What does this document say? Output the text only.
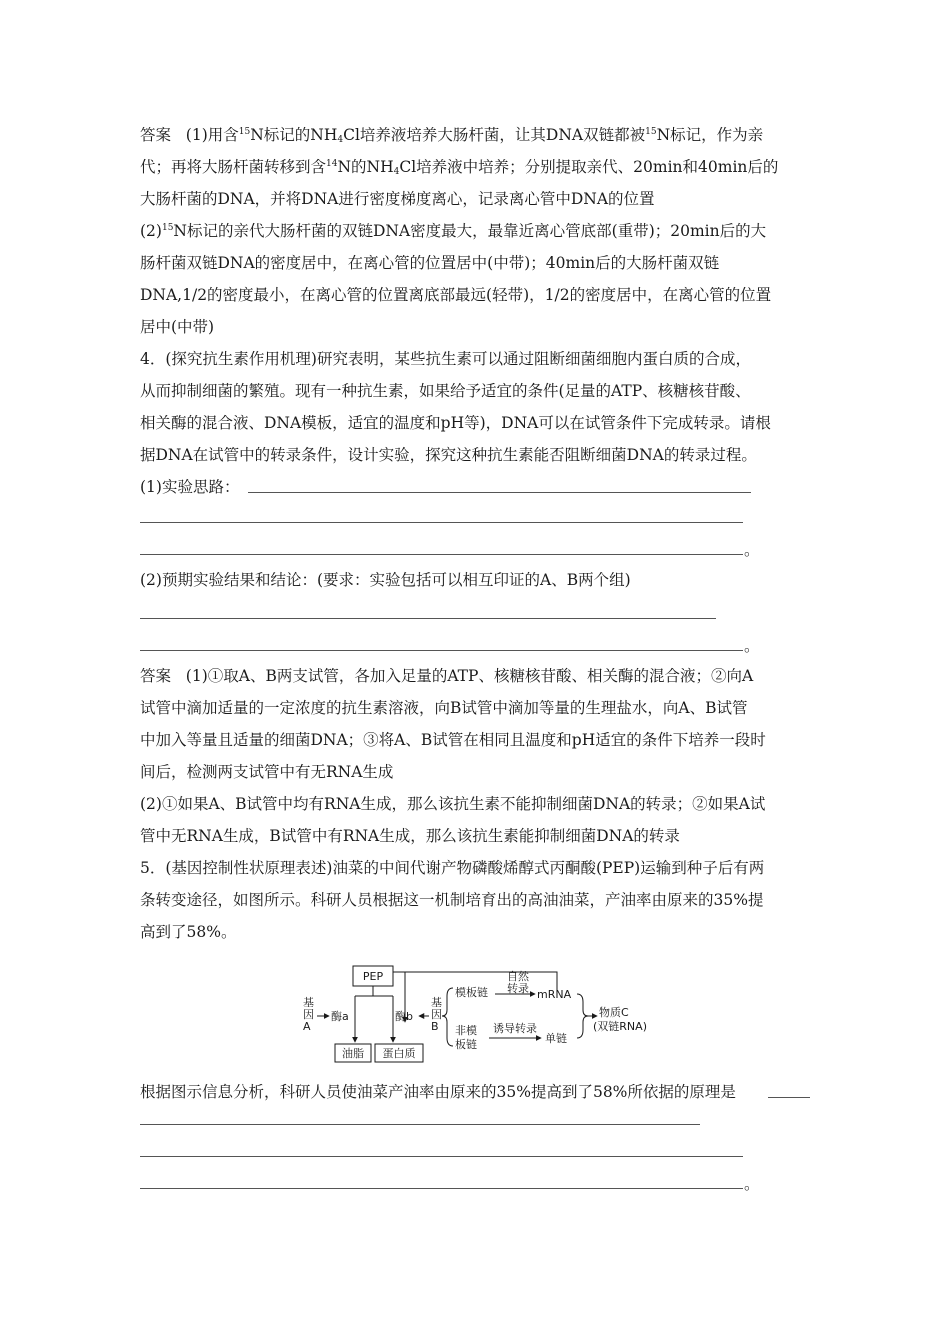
答案 (1)用含$^{15}$N标记的$NH_4Cl$培养液培养大肠杆菌，让其DNA双链都被$^{15}$N标记，作为亲
代；再将大肠杆菌转移到含$^{14}$N的$NH_4Cl$培养液中培养；分别提取亲代、20min和40min后的
大肠杆菌的DNA，并将DNA进行密度梯度离心，记录离心管中DNA的位置
$(2)^{15}N$标记的亲代大肠杆菌的双链DNA密度最大，最靠近离心管底部(重带)；20min后的大
肠杆菌双链DNA的密度居中，在离心管的位置居中(中带)；40min后的大肠杆菌双链
DNA,1/2的密度最小，在离心管的位置离底部最远(轻带)，1/2的密度居中，在离心管的位置
居中(中带)
4．(探究抗生素作用机理)研究表明，某些抗生素可以通过阻断细菌细胞内蛋白质的合成，
从而抑制细菌的繁殖。现有一种抗生素，如果给予适宜的条件(足量的ATP、核糖核苷酸、
相关酶的混合液、DNA模板，适宜的温度和pH等)，DNA可以在试管条件下完成转录。请根
据DNA在试管中的转录条件，设计实验，探究这种抗生素能否阻断细菌DNA的转录过程。
(1)实验思路：
。
(2)预期实验结果和结论：(要求：实验包括可以相互印证的A、B两个组)
。
答案 (1)①取A、B两支试管，各加入足量的ATP、核糖核苷酸、相关酶的混合液；②向A
试管中滴加适量的一定浓度的抗生素溶液，向B试管中滴加等量的生理盐水，向A、B试管
中加入等量且适量的细菌DNA；③将A、B试管在相同且温度和pH适宜的条件下培养一段时
间后，检测两支试管中有无RNA生成
(2)①如果A、B试管中均有RNA生成，那么该抗生素不能抑制细菌DNA的转录；②如果A试
管中无RNA生成，B试管中有RNA生成，那么该抗生素能抑制细菌DNA的转录
5．(基因控制性状原理表述)油菜的中间代谢产物磷酸烯醇式丙酮酸(PEP)运输到种子后有两
条转变途径，如图所示。科研人员根据这一机制培育出的高油油菜，产油率由原来的35%提
高到了58%。
PEP
基
因
A
酶a
油脂 蛋白质
酶b
基
因
B
模板链
自然
转录 mRNA
非模
板链
诱导转录
单链
物质C
(双链RNA)
根据图示信息分析，科研人员使油菜产油率由原来的35%提高到了58%所依据的原理是
。
